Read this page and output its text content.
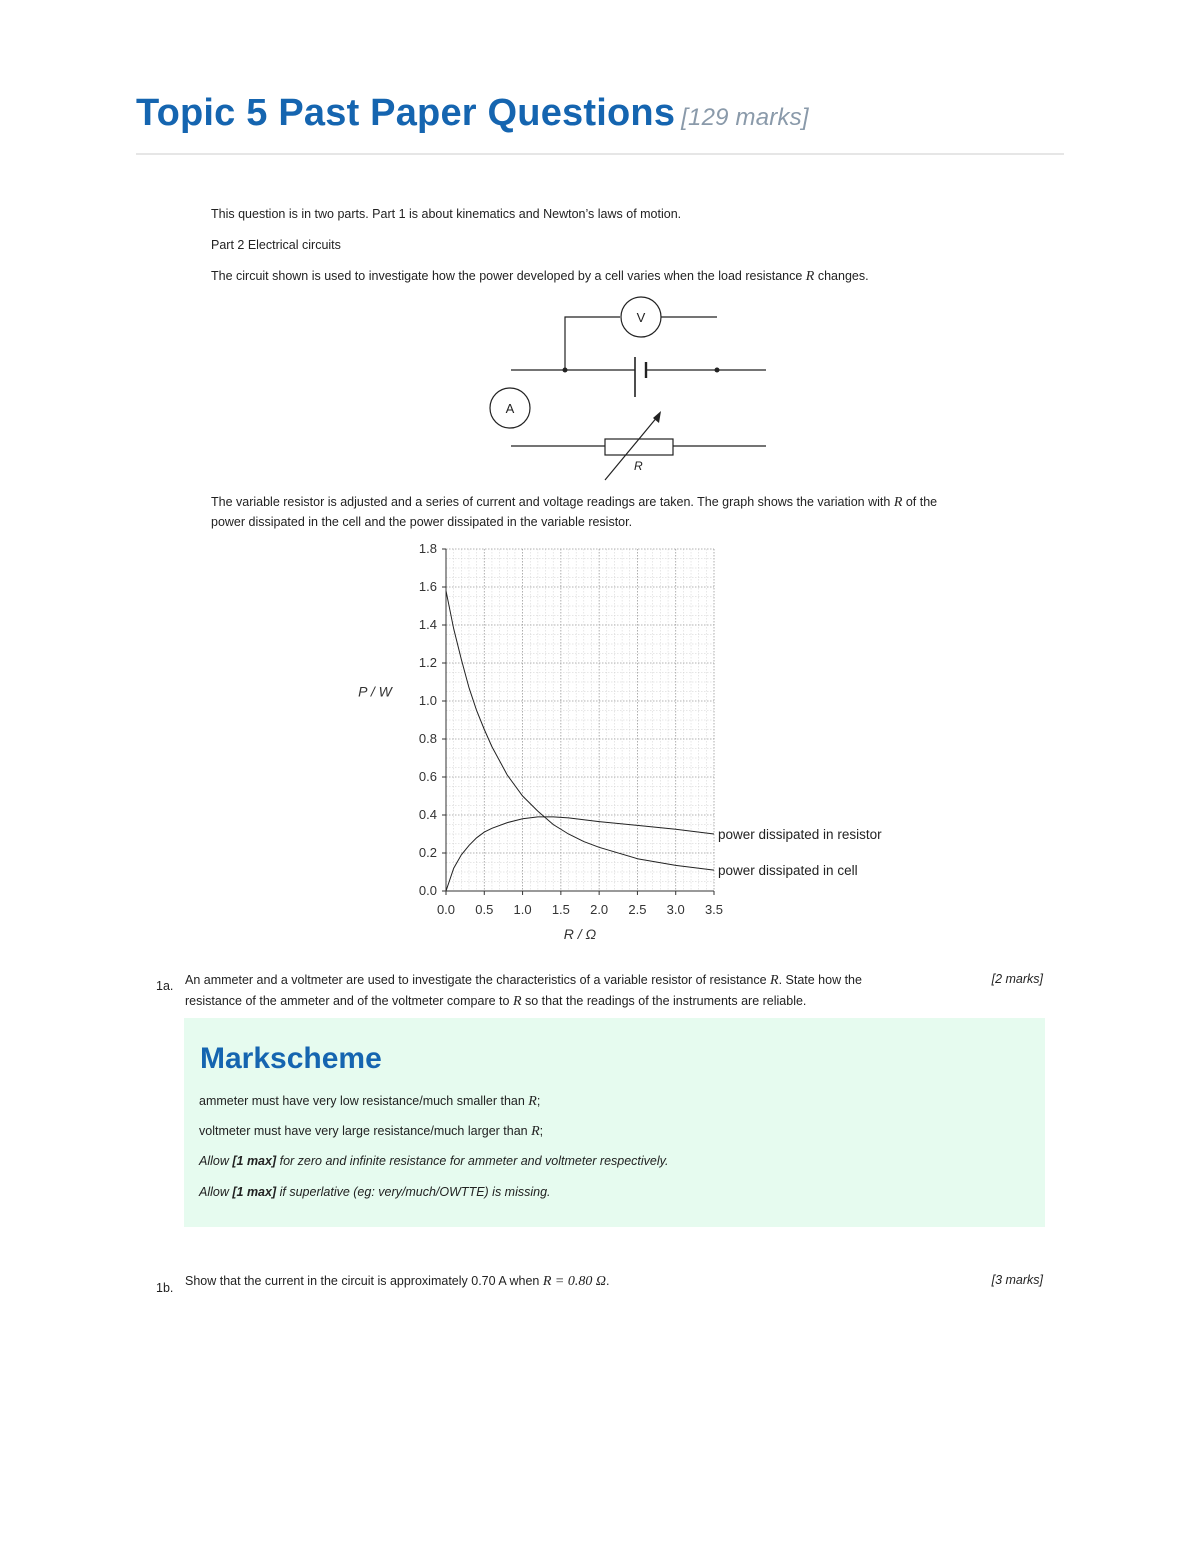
Topic 5 Past Paper Questions [129 marks]
This question is in two parts. Part 1 is about kinematics and Newton’s laws of motion.
Part 2 Electrical circuits
The circuit shown is used to investigate how the power developed by a cell varies when the load resistance R changes.
V
A
R
The variable resistor is adjusted and a series of current and voltage readings are taken. The graph shows the variation with R of the
power dissipated in the cell and the power dissipated in the variable resistor.
0.0 0.5 1.0 1.5 2.0 2.5 3.0 3.5
0.0
0.2
0.4
0.6
0.8
1.0
1.2
1.4
1.6
1.8
power dissipated in resistor
power dissipated in cell
R / Ω
P / W
1a. An ammeter and a voltmeter are used to investigate the characteristics of a variable resistor of resistance R. State how the
resistance of the ammeter and of the voltmeter compare to R so that the readings of the instruments are reliable.
[2 marks]
Markscheme

ammeter must have very low resistance/much smaller than R;

voltmeter must have very large resistance/much larger than R;

Allow [1 max] for zero and infinite resistance for ammeter and voltmeter respectively.

Allow [1 max] if superlative (eg: very/much/OWTTE) is missing.

1b. Show that the current in the circuit is approximately 0.70 A when R = 0.80 Ω.	[3 marks]
